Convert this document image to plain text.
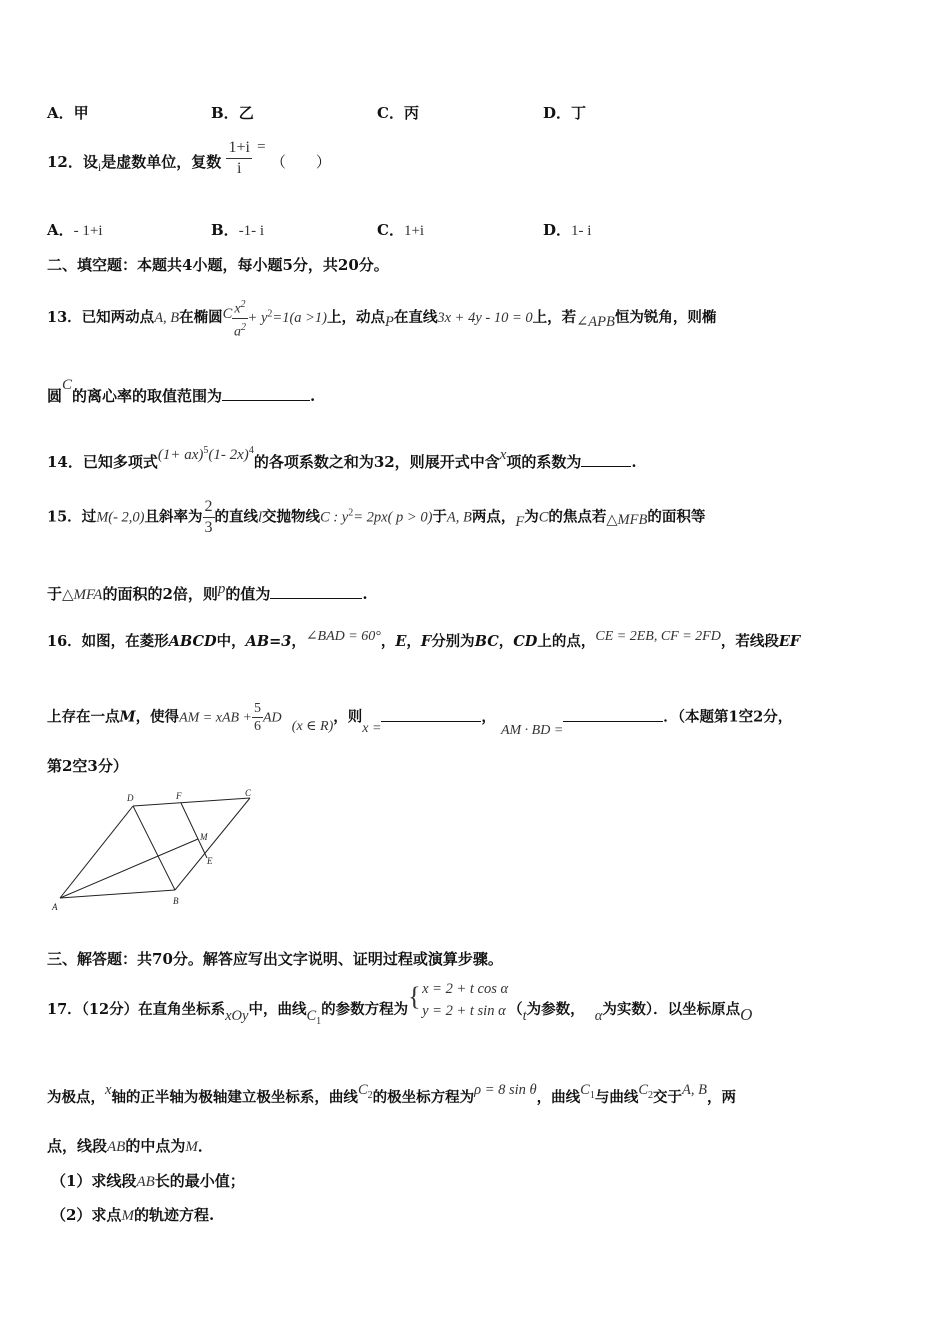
A．甲	B．乙	C．丙	D．丁
12．设$_i$是虚数单位，复数 $\frac{1+i}{i}$ = （　　）
A．- 1+i	B．-1- i	C．1+i	D．1- i
二、填空题：本题共4小题，每小题5分，共20分。
13．已知两动点A, B在椭圆C $\frac{x^2}{a^2} + y^2=1(a >1)$上，动点P在直线3x + 4y - 10 = 0上，若∠APB恒为锐角，则椭
圆C的离心率的取值范围为	.
14．已知多项式(1+ ax)$^5$(1- 2x)$^4$的各项系数之和为32，则展开式中含x项的系数为	.
15．过M(- 2,0)且斜率为 $\frac{2}{3}$ 的直线l交抛物线C : $y^2= 2px$( p > 0)于A, B两点，F为C的焦点若△MFB的面积等
于△MFA的面积的2倍，则p的值为	.
16．如图，在菱形ABCD中，AB=3，∠BAD = 60°，E，F分别为BC，CD上的点，CE = 2EB, CF = 2FD，若线段EF
上存在一点M，使得AM = xAB + $\frac{5}{6}$ AD  (x ∈ R)，则x =， AM · BD =．（本题第1空2分，
第2空3分）
A
B
C
D
E
F
M
三、解答题：共70分。解答应写出文字说明、证明过程或演算步骤。
17．（12分）在直角坐标系xOy中，曲线$C_1$的参数方程为 { x = 2 + t cos α
y = 2 + t sin α （t为参数， α为实数）．以坐标原点O
为极点，x轴的正半轴为极轴建立极坐标系，曲线$C_2$的极坐标方程为ρ = 8 sin θ，曲线$C_1$与曲线$C_2$交于A, B，两
点，线段AB的中点为M．
（1）求线段AB长的最小值；
（2）求点M的轨迹方程.
